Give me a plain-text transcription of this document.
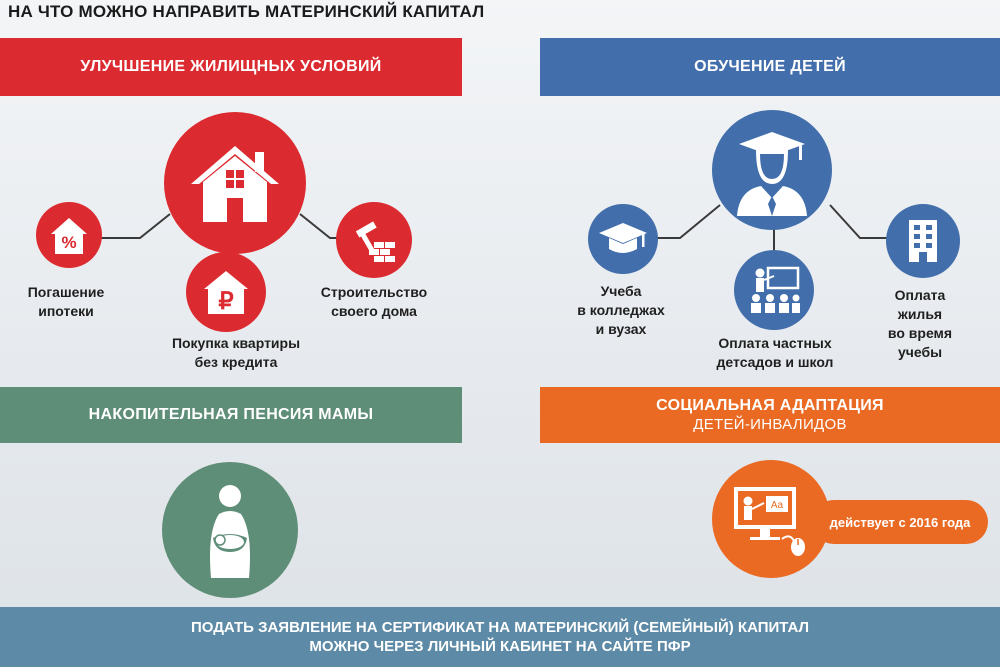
НА ЧТО МОЖНО НАПРАВИТЬ МАТЕРИНСКИЙ КАПИТАЛ
УЛУЧШЕНИЕ ЖИЛИЩНЫХ УСЛОВИЙ	ОБУЧЕНИЕ ДЕТЕЙ
НАКОПИТЕЛЬНАЯ ПЕНСИЯ МАМЫ
СОЦИАЛЬНАЯ АДАПТАЦИЯ
ДЕТЕЙ-ИНВАЛИДОВ
%
₽
Погашение
ипотеки
Покупка квартиры
без кредита
Строительство
своего дома
Учеба
в колледжах
и вузах
Оплата частных
детсадов и школ
Оплата
жилья
во время
учебы
Aa
действует с 2016 года
ПОДАТЬ ЗАЯВЛЕНИЕ НА СЕРТИФИКАТ НА МАТЕРИНСКИЙ (СЕМЕЙНЫЙ) КАПИТАЛ
МОЖНО ЧЕРЕЗ ЛИЧНЫЙ КАБИНЕТ НА САЙТЕ ПФР
